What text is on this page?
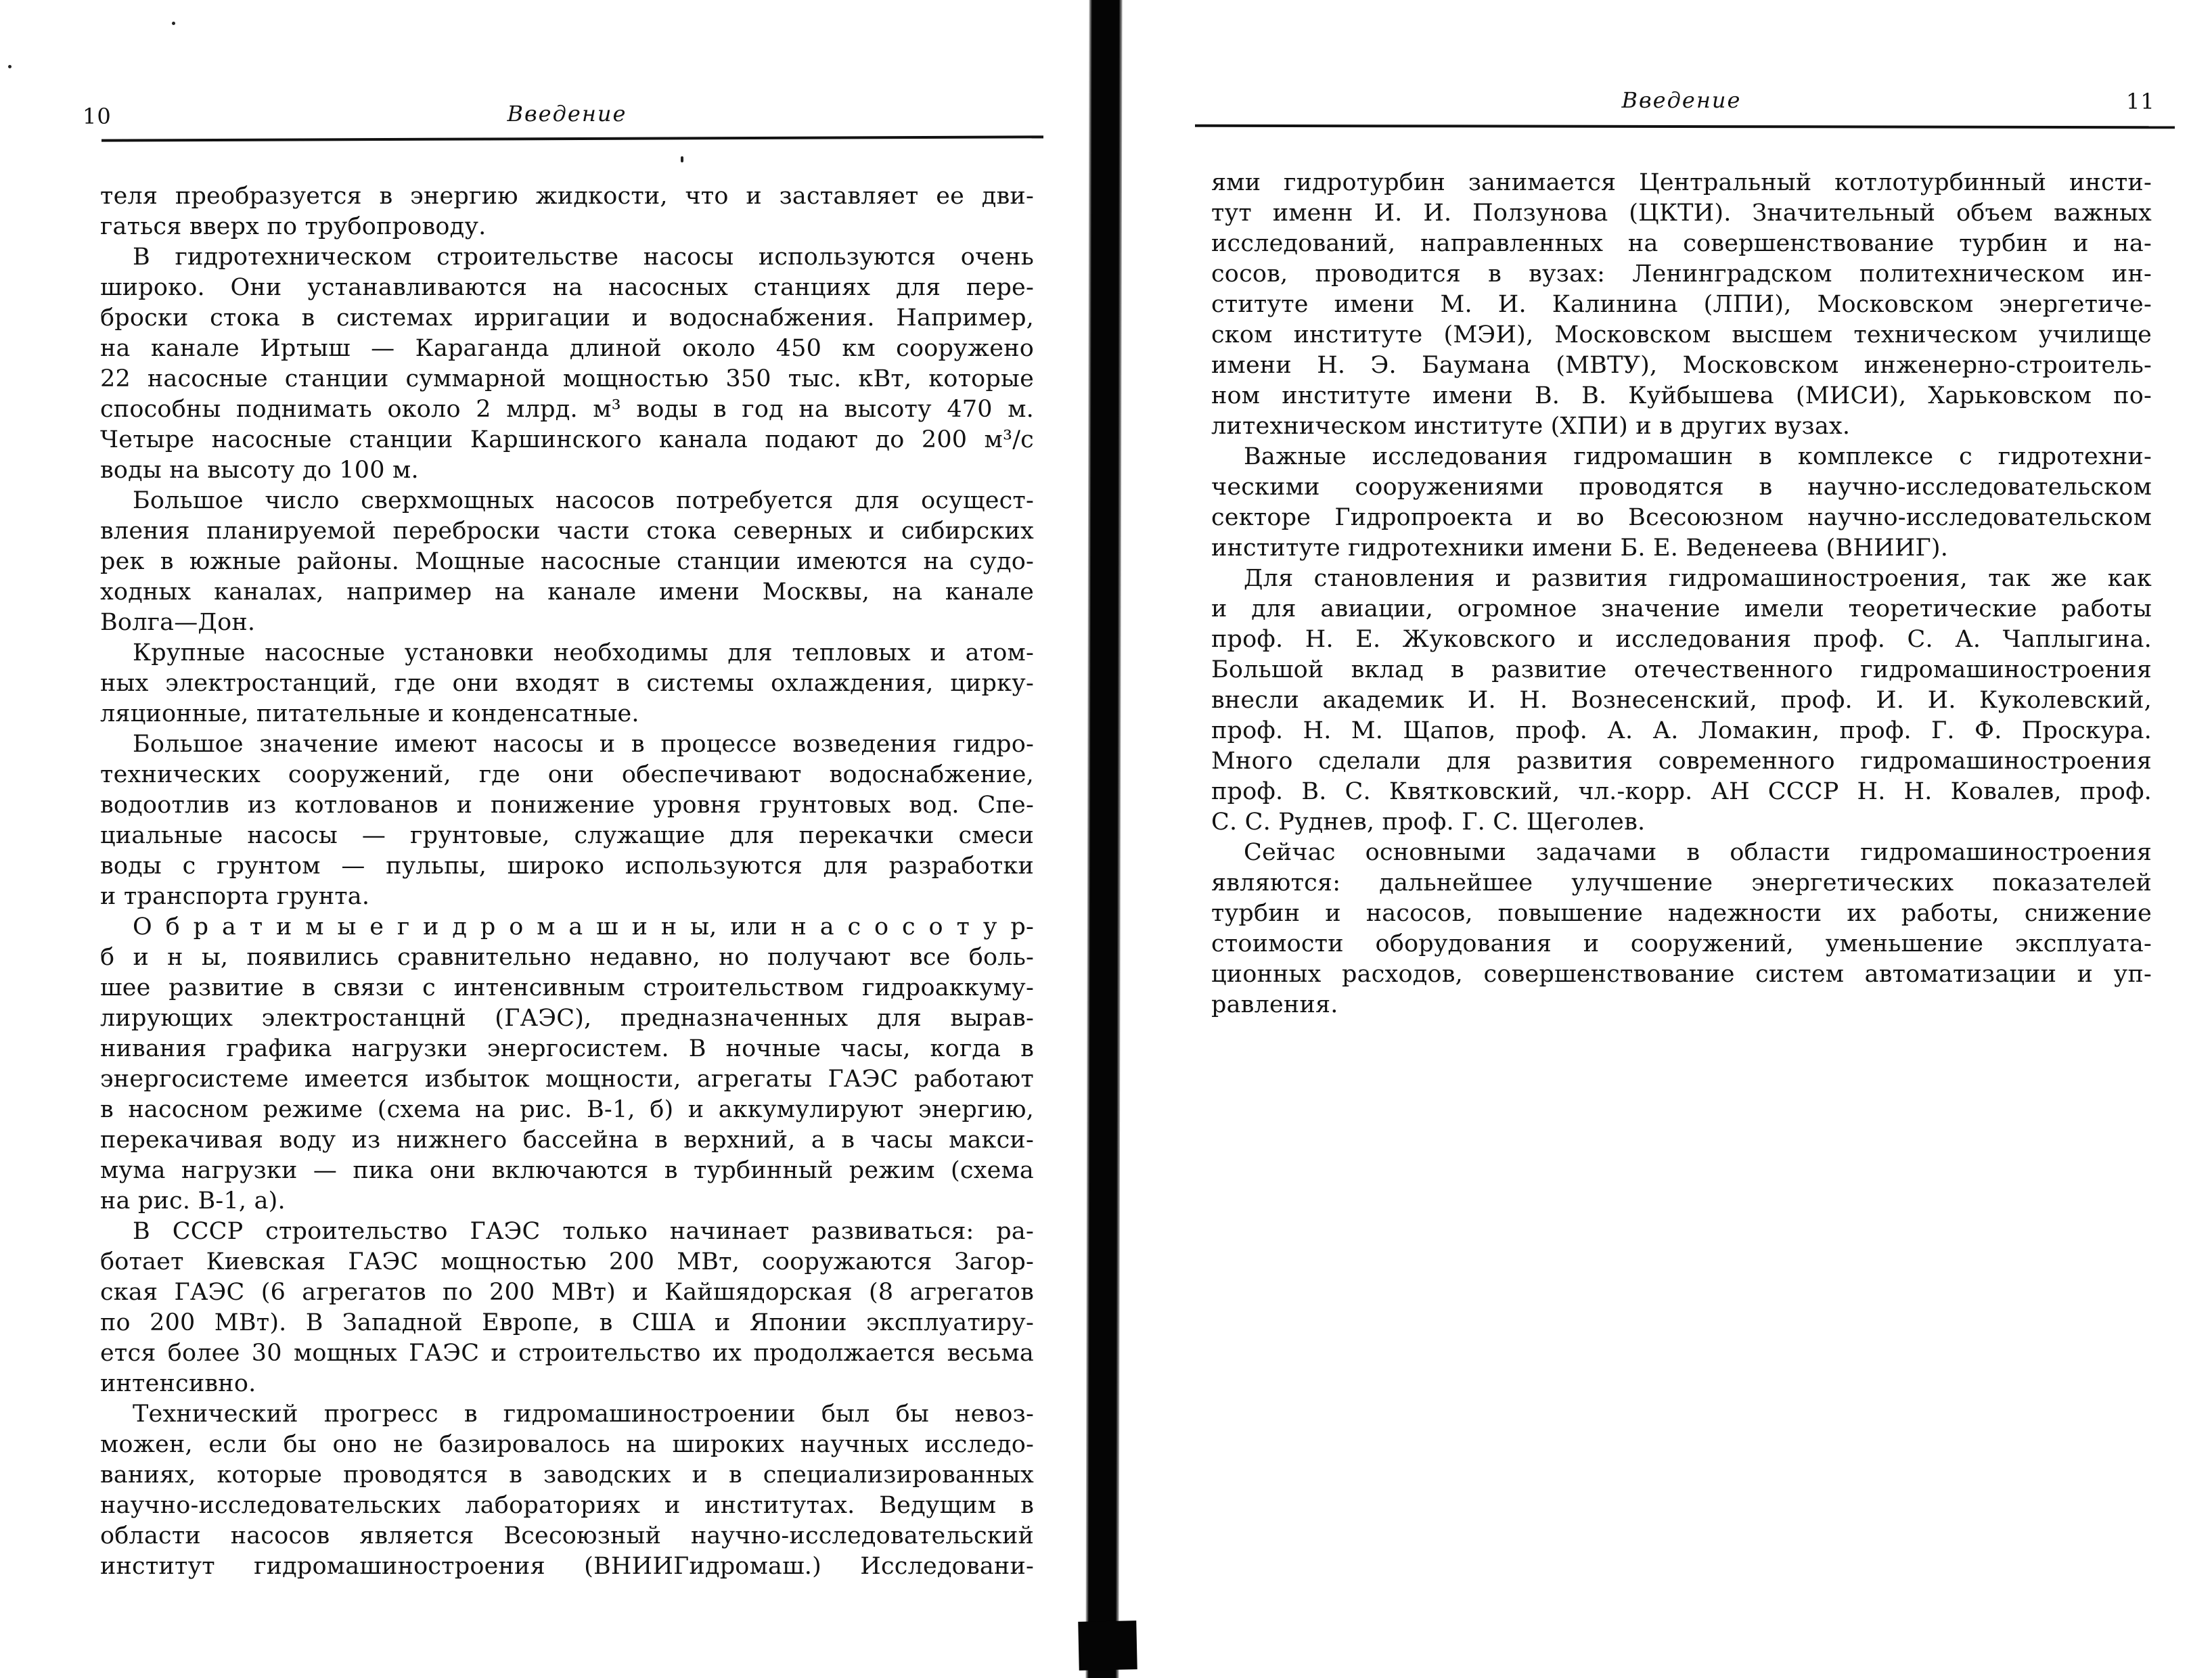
10	Введение
теля преобразуется в энергию жидкости, что и заставляет ее дви-
гаться вверх по трубопроводу.
В гидротехническом строительстве насосы используются очень
широко. Они устанавливаются на насосных станциях для пере-
броски стока в системах ирригации и водоснабжения. Например,
на канале Иртыш — Караганда длиной около 450 км сооружено
22 насосные станции суммарной мощностью 350 тыс. кВт, которые
способны поднимать около 2 млрд. м³ воды в год на высоту 470 м.
Четыре насосные станции Каршинского канала подают до 200 м³/с
воды на высоту до 100 м.
Большое число сверхмощных насосов потребуется для осущест-
вления планируемой переброски части стока северных и сибирских
рек в южные районы. Мощные насосные станции имеются на судо-
ходных каналах, например на канале имени Москвы, на канале
Волга—Дон.
Крупные насосные установки необходимы для тепловых и атом-
ных электростанций, где они входят в системы охлаждения, цирку-
ляционные, питательные и конденсатные.
Большое значение имеют насосы и в процессе возведения гидро-
технических сооружений, где они обеспечивают водоснабжение,
водоотлив из котлованов и понижение уровня грунтовых вод. Спе-
циальные насосы — грунтовые, служащие для перекачки смеси
воды с грунтом — пульпы, широко используются для разработки
и транспорта грунта.
О б р а т и м ы е г и д р о м а ш и н ы, или н а с о с о т у р-
б и н ы, появились сравнительно недавно, но получают все боль-
шее развитие в связи с интенсивным строительством гидроаккуму-
лирующих электростанцнй (ГАЭС), предназначенных для вырав-
нивания графика нагрузки энергосистем. В ночные часы, когда в
энергосистеме имеется избыток мощности, агрегаты ГАЭС работают
в насосном режиме (схема на рис. В-1, б) и аккумулируют энергию,
перекачивая воду из нижнего бассейна в верхний, а в часы макси-
мума нагрузки — пика они включаются в турбинный режим (схема
на рис. В-1, а).
В СССР строительство ГАЭС только начинает развиваться: ра-
ботает Киевская ГАЭС мощностью 200 МВт, сооружаются Загор-
ская ГАЭС (6 агрегатов по 200 МВт) и Кайшядорская (8 агрегатов
по 200 МВт). В Западной Европе, в США и Японии эксплуатиру-
ется более 30 мощных ГАЭС и строительство их продолжается весьма
интенсивно.
Технический прогресс в гидромашиностроении был бы невоз-
можен, если бы оно не базировалось на широких научных исследо-
ваниях, которые проводятся в заводских и в специализированных
научно-исследовательских лабораториях и институтах. Ведущим в
области насосов является Всесоюзный научно-исследовательский
институт гидромашиностроения (ВНИИГидромаш.) Исследовани-
Введение	11
ями гидротурбин занимается Центральный котлотурбинный инсти-
тут именн И. И. Ползунова (ЦКТИ). Значительный объем важных
исследований, направленных на совершенствование турбин и на-
сосов, проводится в вузах: Ленинградском политехническом ин-
ституте имени М. И. Калинина (ЛПИ), Московском энергетиче-
ском институте (МЭИ), Московском высшем техническом училище
имени Н. Э. Баумана (МВТУ), Московском инженерно-строитель-
ном институте имени В. В. Куйбышева (МИСИ), Харьковском по-
литехническом институте (ХПИ) и в других вузах.
Важные исследования гидромашин в комплексе с гидротехни-
ческими сооружениями проводятся в научно-исследовательском
секторе Гидропроекта и во Всесоюзном научно-исследовательском
институте гидротехники имени Б. Е. Веденеева (ВНИИГ).
Для становления и развития гидромашиностроения, так же как
и для авиации, огромное значение имели теоретические работы
проф. Н. Е. Жуковского и исследования проф. С. А. Чаплыгина.
Большой вклад в развитие отечественного гидромашиностроения
внесли академик И. Н. Вознесенский, проф. И. И. Куколевский,
проф. Н. М. Щапов, проф. А. А. Ломакин, проф. Г. Ф. Проскура.
Много сделали для развития современного гидромашиностроения
проф. В. С. Квятковский, чл.-корр. АН СССР Н. Н. Ковалев, проф.
С. С. Руднев, проф. Г. С. Щеголев.
Сейчас основными задачами в области гидромашиностроения
являются: дальнейшее улучшение энергетических показателей
турбин и насосов, повышение надежности их работы, снижение
стоимости оборудования и сооружений, уменьшение эксплуата-
ционных расходов, совершенствование систем автоматизации и уп-
равления.
